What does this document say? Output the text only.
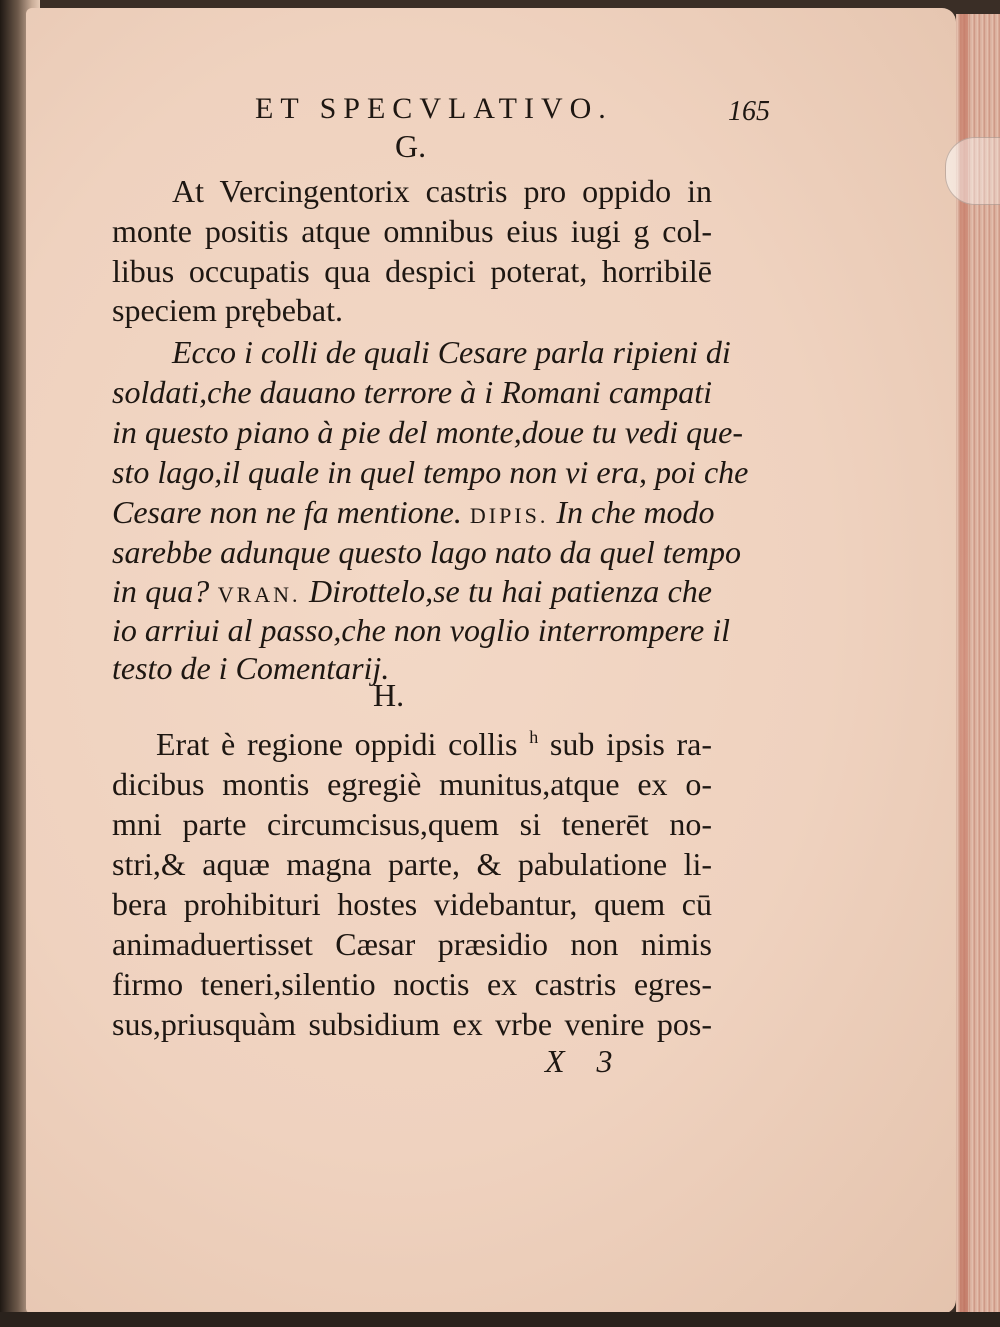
ET SPECVLATIVO.	165
G.
At Vercingentorix castris pro oppido in
monte positis atque omnibus eius iugi g col-
libus occupatis qua despici poterat, horribilē
speciem prębebat.
Ecco i colli de quali Cesare parla ripieni di
soldati,che dauano terrore à i Romani campati
in questo piano à pie del monte,doue tu vedi que-
sto lago,il quale in quel tempo non vi era, poi che
Cesare non ne fa mentione. DIPIS. In che modo
sarebbe adunque questo lago nato da quel tempo
in qua? VRAN. Dirottelo,se tu hai patienza che
io arriui al passo,che non voglio interrompere il
testo de i Comentarij.
H.
Erat è regione oppidi collis $^h$ sub ipsis ra-
dicibus montis egregiè munitus,atque ex o-
mni parte circumcisus,quem si tenerēt no-
stri,& aquæ magna parte, & pabulatione li-
bera prohibituri hostes videbantur, quem cū
animaduertisset Cæsar præsidio non nimis
firmo teneri,silentio noctis ex castris egres-
sus,priusquàm subsidium ex vrbe venire pos-
X 3
